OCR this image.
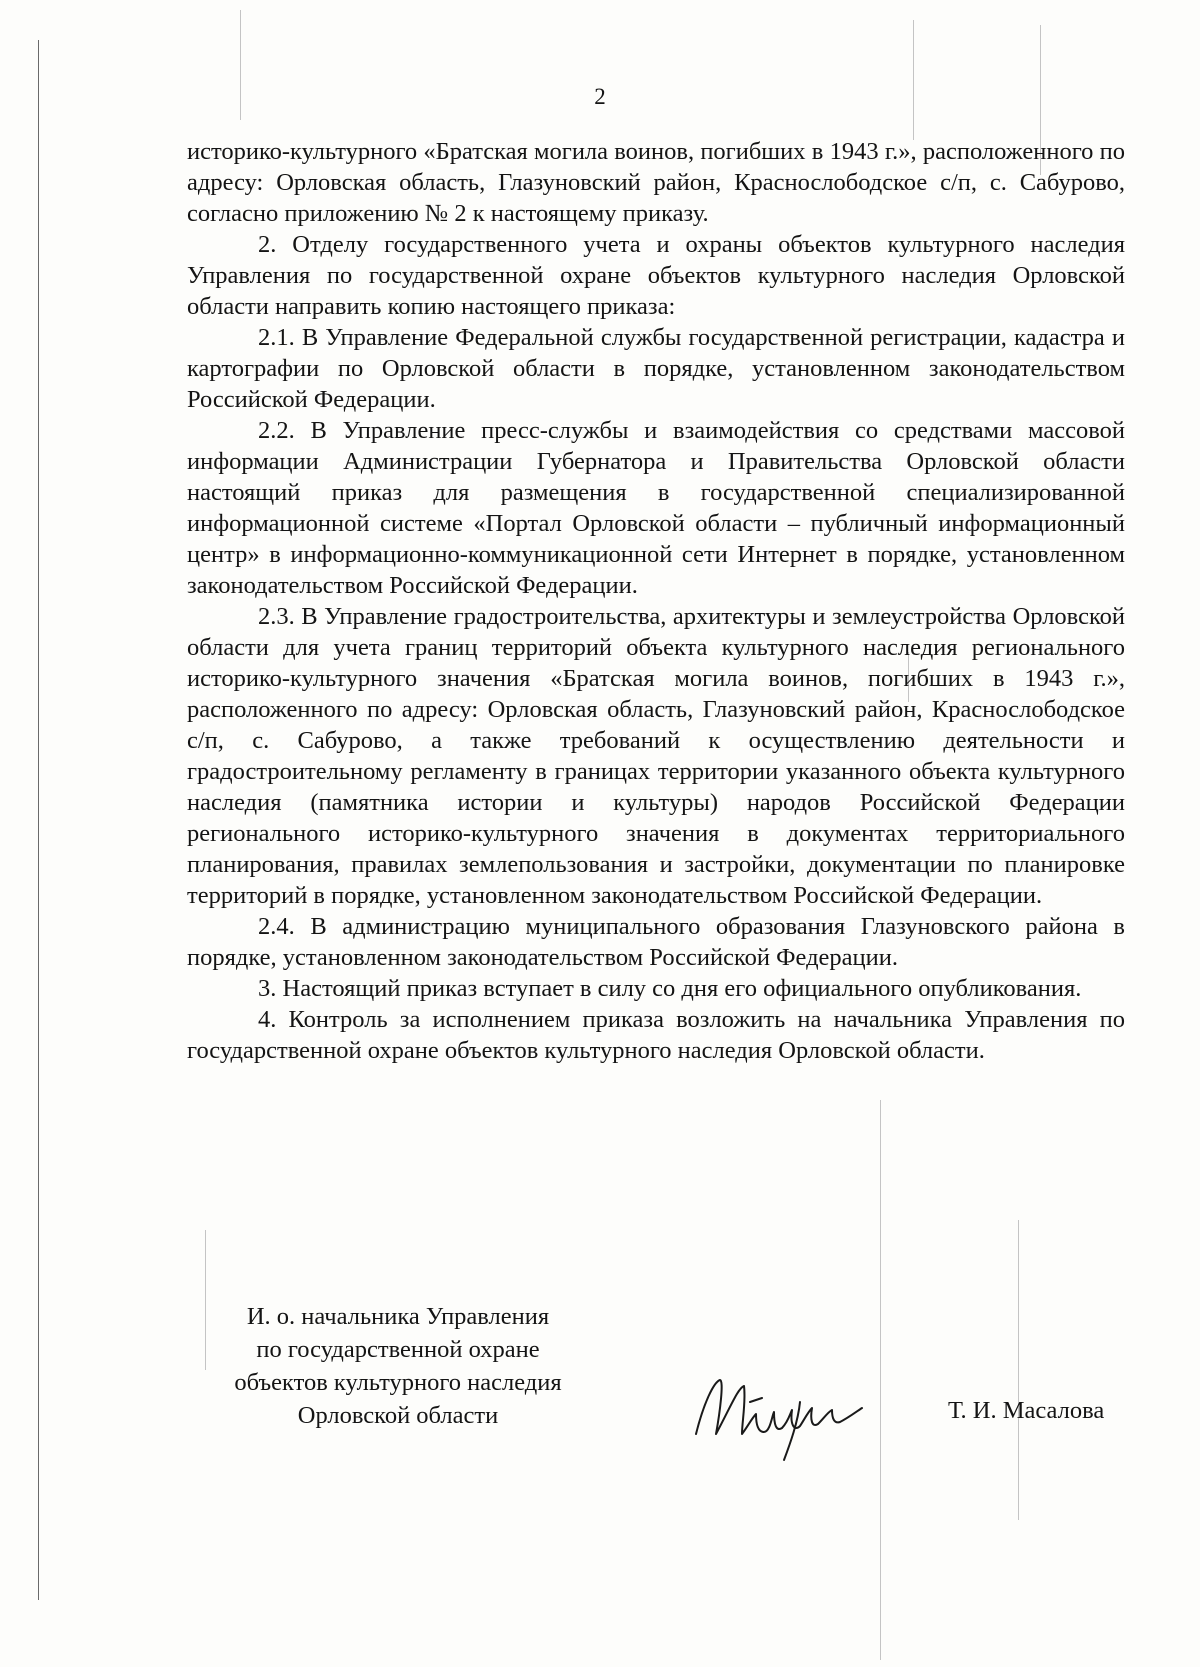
2

историко-культурного «Братская могила воинов, погибших в 1943 г.», расположенного по адресу: Орловская область, Глазуновский район, Краснослободское с/п, с. Сабурово, согласно приложению № 2 к настоящему приказу.

2. Отделу государственного учета и охраны объектов культурного наследия Управления по государственной охране объектов культурного наследия Орловской области направить копию настоящего приказа:

2.1. В Управление Федеральной службы государственной регистрации, кадастра и картографии по Орловской области в порядке, установленном законодательством Российской Федерации.

2.2. В Управление пресс-службы и взаимодействия со средствами массовой информации Администрации Губернатора и Правительства Орловской области настоящий приказ для размещения в государственной специализированной информационной системе «Портал Орловской области – публичный информационный центр» в информационно-коммуникационной сети Интернет в порядке, установленном законодательством Российской Федерации.

2.3. В Управление градостроительства, архитектуры и землеустройства Орловской области для учета границ территорий объекта культурного наследия регионального историко-культурного значения «Братская могила воинов, погибших в 1943 г.», расположенного по адресу: Орловская область, Глазуновский район, Краснослободское с/п, с. Сабурово, а также требований к осуществлению деятельности и градостроительному регламенту в границах территории указанного объекта культурного наследия (памятника истории и культуры) народов Российской Федерации регионального историко-культурного значения в документах территориального планирования, правилах землепользования и застройки, документации по планировке территорий в порядке, установленном законодательством Российской Федерации.

2.4. В администрацию муниципального образования Глазуновского района в порядке, установленном законодательством Российской Федерации.

3. Настоящий приказ вступает в силу со дня его официального опубликования.

4. Контроль за исполнением приказа возложить на начальника Управления по государственной охране объектов культурного наследия Орловской области.

И. о. начальника Управления
по государственной охране
объектов культурного наследия
Орловской области	Т. И. Масалова
